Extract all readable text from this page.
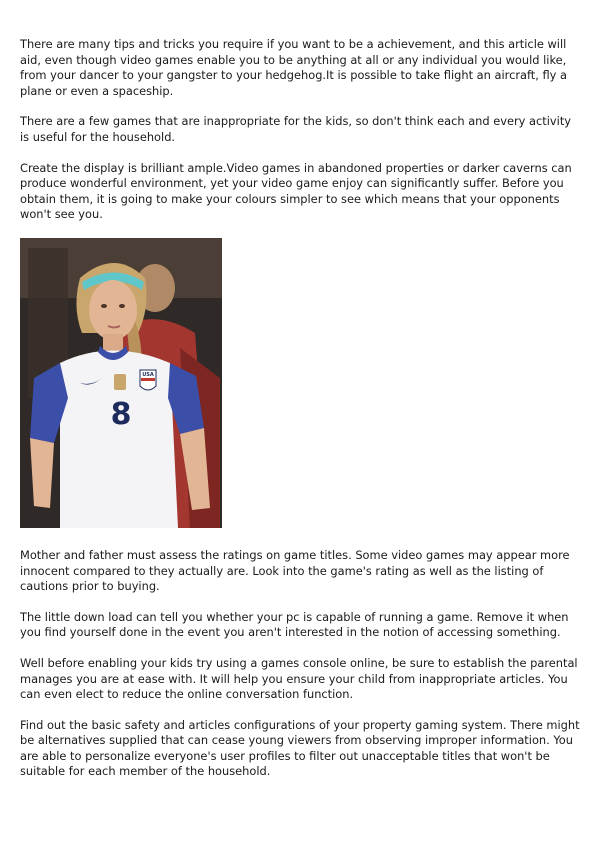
There are many tips and tricks you require if you want to be a achievement, and this article will aid, even though video games enable you to be anything at all or any individual you would like, from your dancer to your gangster to your hedgehog.It is possible to take flight an aircraft, fly a plane or even a spaceship.

There are a few games that are inappropriate for the kids, so don't think each and every activity is useful for the household.

Create the display is brilliant ample.Video games in abandoned properties or darker caverns can produce wonderful environment, yet your video game enjoy can significantly suffer. Before you obtain them, it is going to make your colours simpler to see which means that your opponents won't see you.

8
USA

Mother and father must assess the ratings on game titles. Some video games may appear more innocent compared to they actually are. Look into the game's rating as well as the listing of cautions prior to buying.

The little down load can tell you whether your pc is capable of running a game. Remove it when you find yourself done in the event you aren't interested in the notion of accessing something.

Well before enabling your kids try using a games console online, be sure to establish the parental manages you are at ease with. It will help you ensure your child from inappropriate articles. You can even elect to reduce the online conversation function.

Find out the basic safety and articles configurations of your property gaming system. There might be alternatives supplied that can cease young viewers from observing improper information. You are able to personalize everyone's user profiles to filter out unacceptable titles that won't be suitable for each member of the household.
